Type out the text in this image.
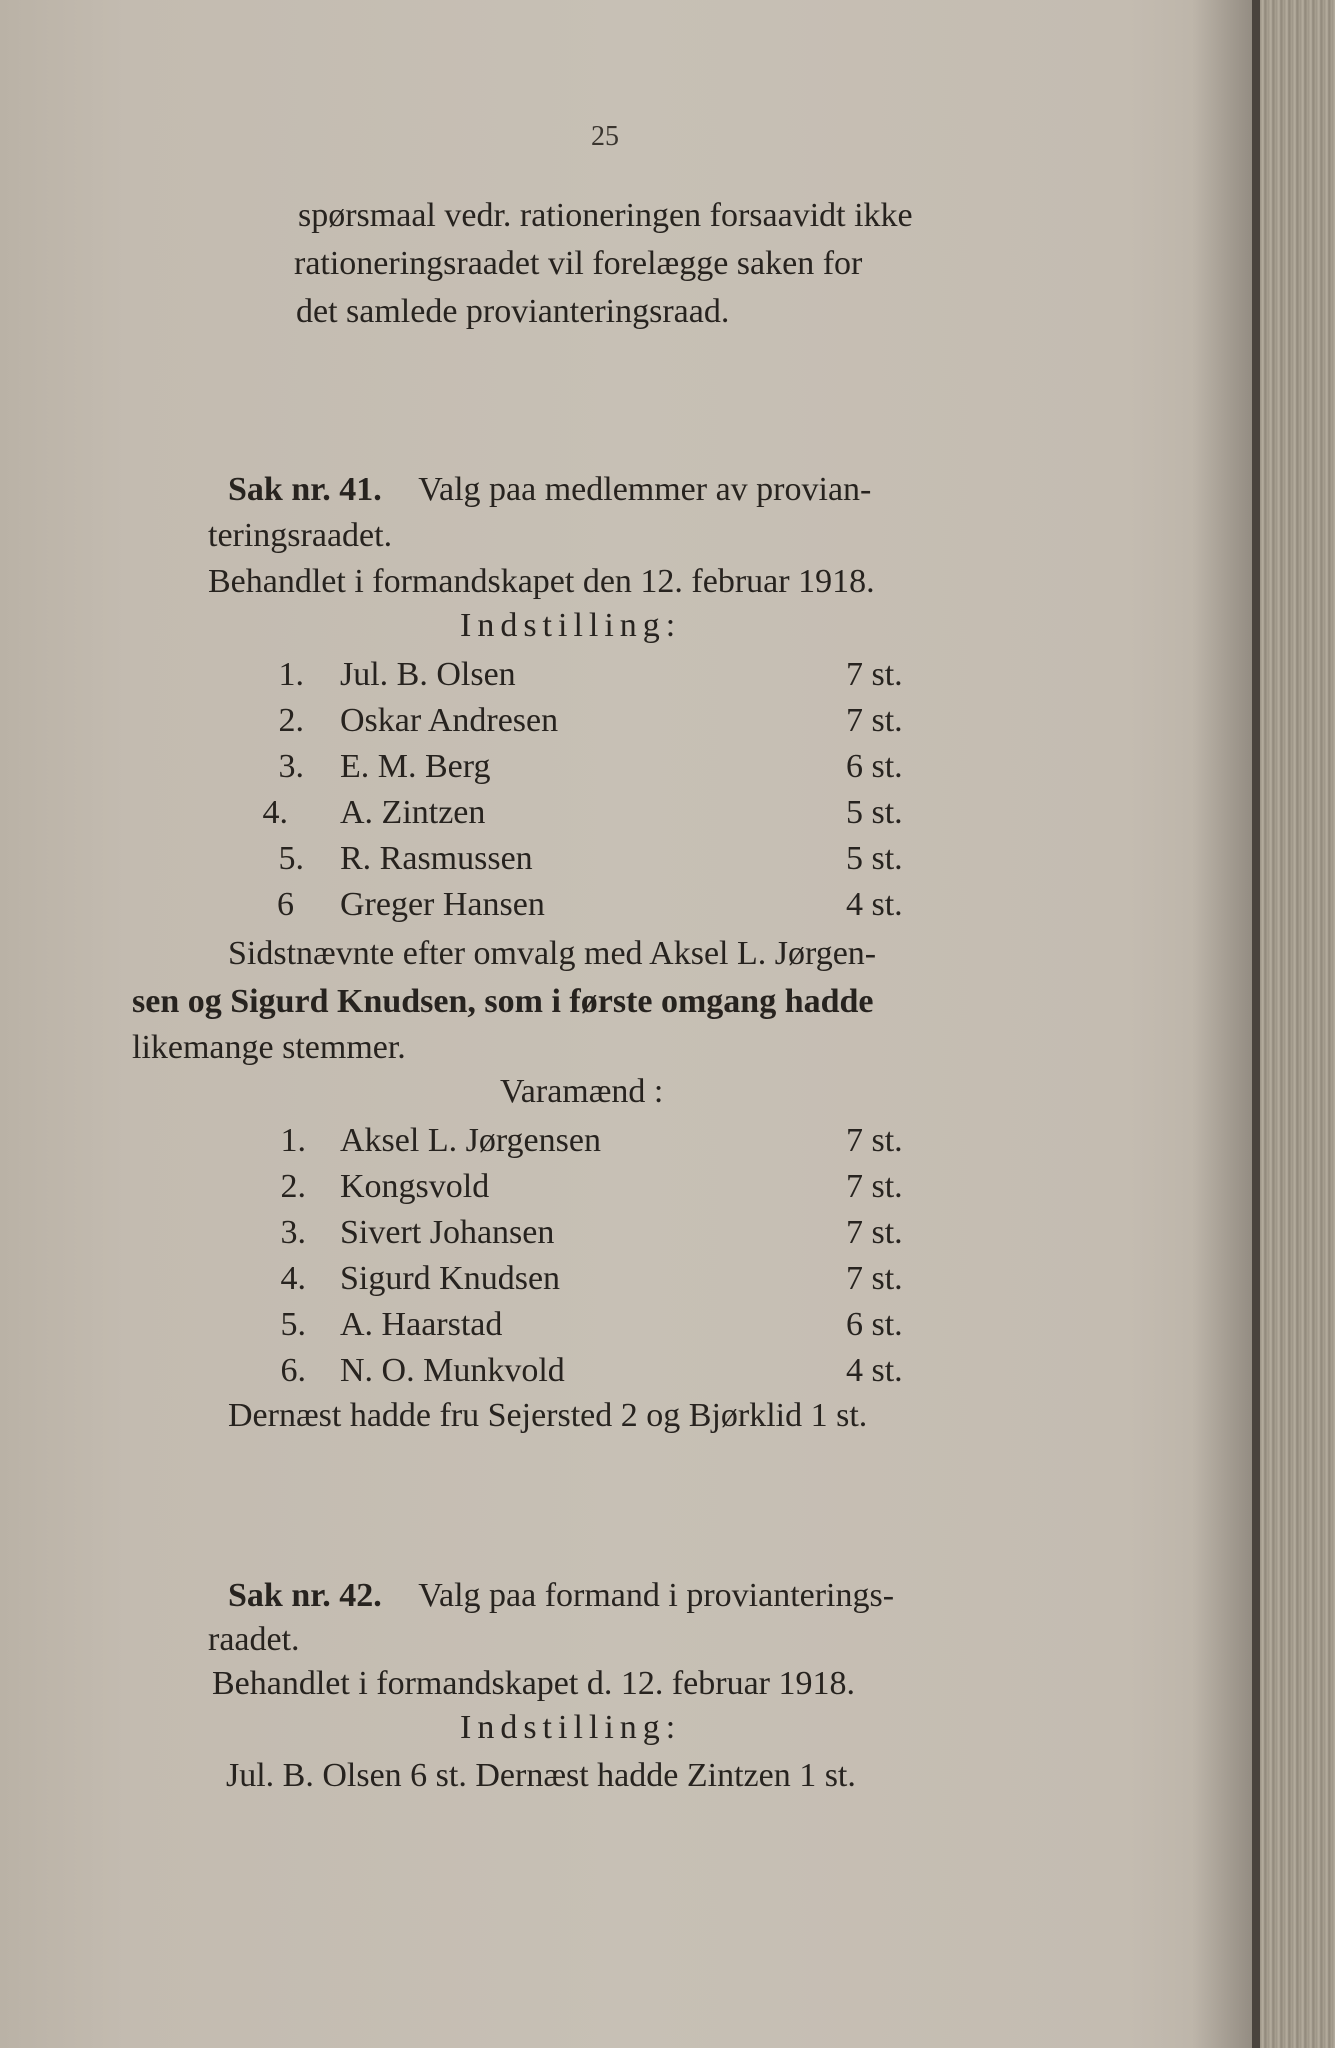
25
spørsmaal vedr. rationeringen forsaavidt ikke
rationeringsraadet vil forelægge saken for
det samlede provianteringsraad.
Sak nr. 41. Valg paa medlemmer av provian-
teringsraadet.
Behandlet i formandskapet den 12. februar 1918.
Indstilling:
1. Jul. B. Olsen	7 st.
2. Oskar Andresen	7 st.
3. E. M. Berg	6 st.
4. A. Zintzen	5 st.
5. R. Rasmussen	5 st.
6 Greger Hansen	4 st.
Sidstnævnte efter omvalg med Aksel L. Jørgen-
sen og Sigurd Knudsen, som i første omgang hadde
likemange stemmer.
Varamænd :
1. Aksel L. Jørgensen	7 st.
2. Kongsvold	7 st.
3. Sivert Johansen	7 st.
4. Sigurd Knudsen	7 st.
5. A. Haarstad	6 st.
6. N. O. Munkvold	4 st.
Dernæst hadde fru Sejersted 2 og Bjørklid 1 st.
Sak nr. 42. Valg paa formand i provianterings-
raadet.
Behandlet i formandskapet d. 12. februar 1918.
Indstilling:
Jul. B. Olsen 6 st. Dernæst hadde Zintzen 1 st.
